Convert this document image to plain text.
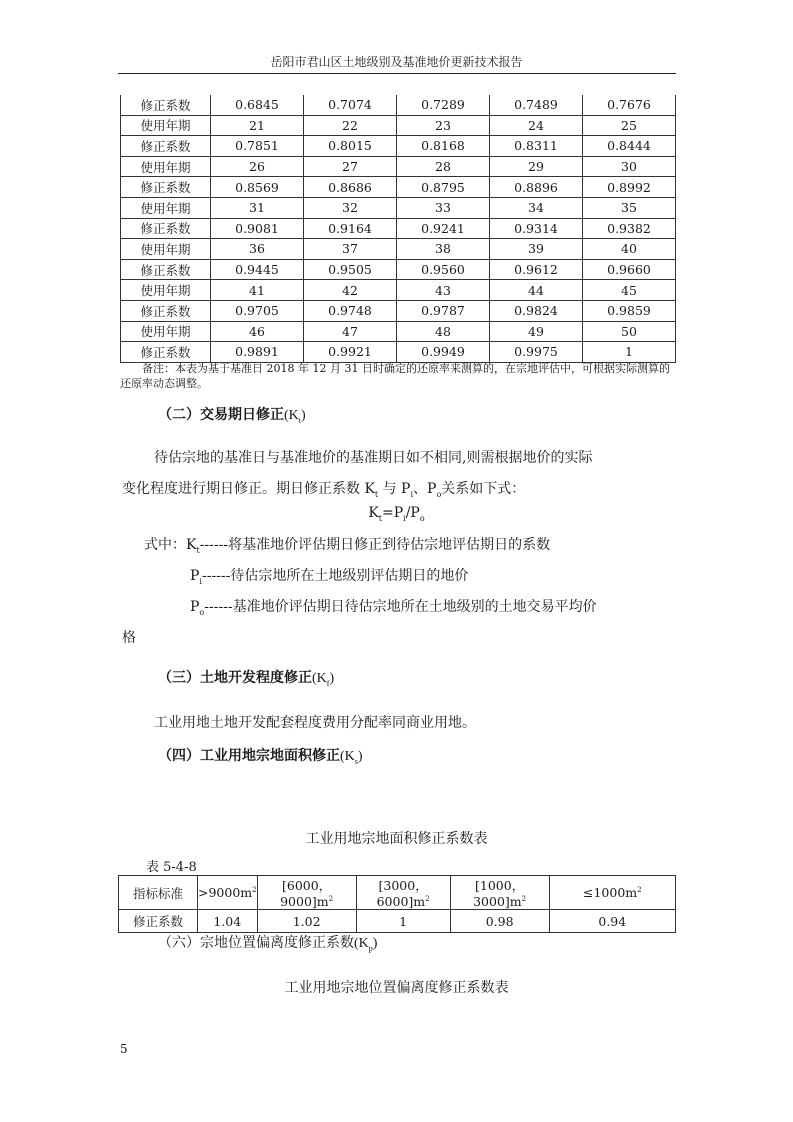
岳阳市君山区土地级别及基准地价更新技术报告
修正系数	0.6845	0.7074	0.7289	0.7489	0.7676
使用年期	21	22	23	24	25
修正系数	0.7851	0.8015	0.8168	0.8311	0.8444
使用年期	26	27	28	29	30
修正系数	0.8569	0.8686	0.8795	0.8896	0.8992
使用年期	31	32	33	34	35
修正系数	0.9081	0.9164	0.9241	0.9314	0.9382
使用年期	36	37	38	39	40
修正系数	0.9445	0.9505	0.9560	0.9612	0.9660
使用年期	41	42	43	44	45
修正系数	0.9705	0.9748	0.9787	0.9824	0.9859
使用年期	46	47	48	49	50
修正系数	0.9891	0.9921	0.9949	0.9975	1
备注：本表为基于基准日 2018 年 12 月 31 日时确定的还原率来测算的，在宗地评估中，可根据实际测算的还原率动态调整。
（二）交易期日修正$(K_t)$
待估宗地的基准日与基准地价的基准期日如不相同,则需根据地价的实际
变化程度进行期日修正。期日修正系数 $K_t$ 与 $P_i$、$P_o$关系如下式：
$K_t=P_i/P_o$
式中：$K_t------$将基准地价评估期日修正到待估宗地评估期日的系数
$P_i------$待估宗地所在土地级别评估期日的地价
$P_o------$基准地价评估期日待估宗地所在土地级别的土地交易平均价
格
（三）土地开发程度修正$(K_f)$
工业用地土地开发配套程度费用分配率同商业用地。
（四）工业用地宗地面积修正$(K_s)$
工业用地宗地面积修正系数表
表 5-4-8
指标标准	$>9000m^2$	[6000，$9000]m^2$	[3000，$6000]m^2$	[1000，$3000]m^2$	$\le 1000m^2$
修正系数	1.04	1.02	1	0.98	0.94
（六）宗地位置偏离度修正系数$(K_p)$
工业用地宗地位置偏离度修正系数表
5
